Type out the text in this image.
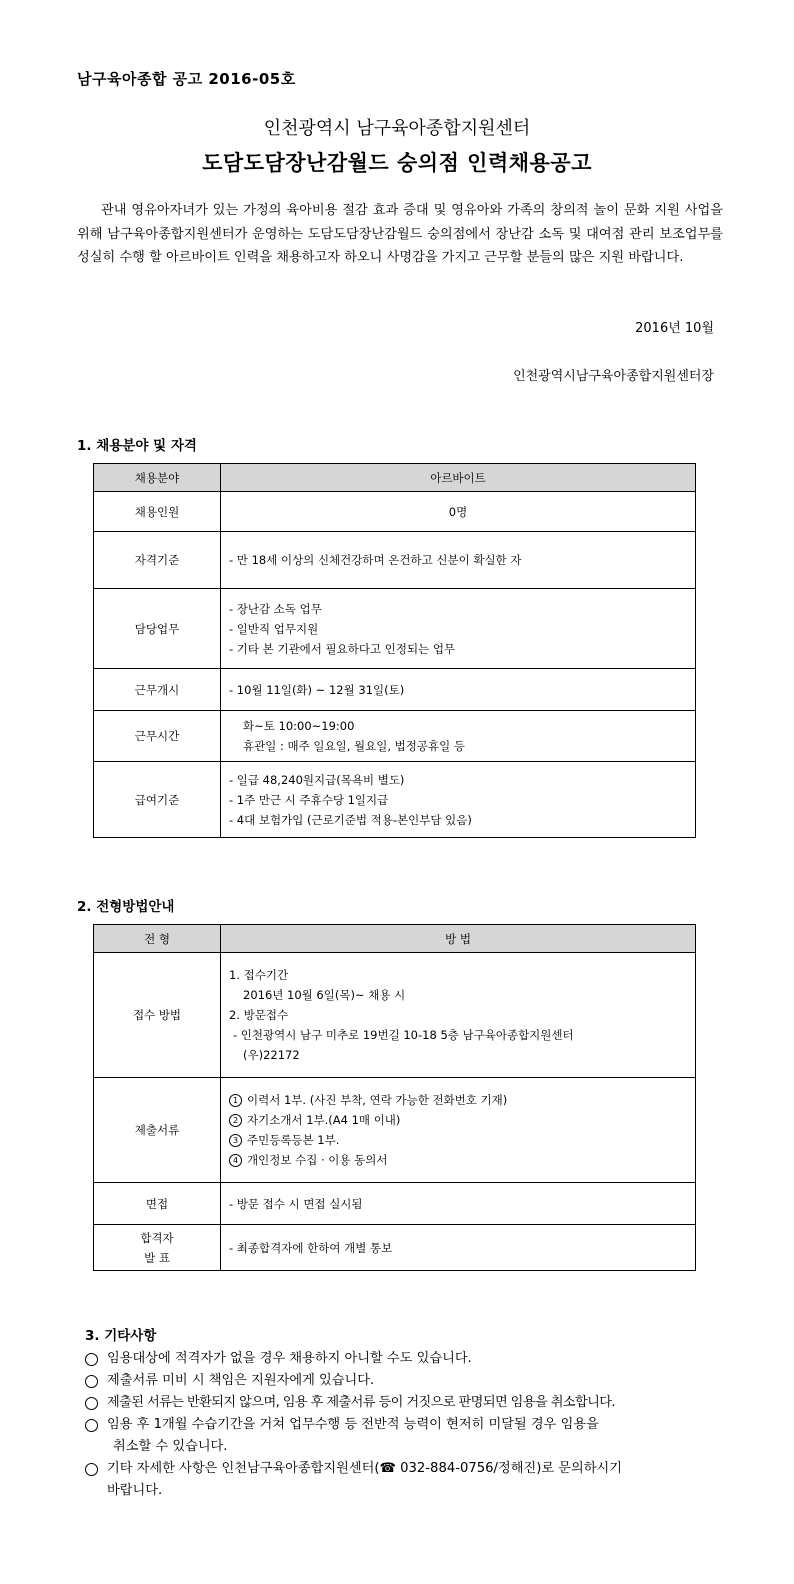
남구육아종합 공고 2016-05호
인천광역시 남구육아종합지원센터
도담도담장난감월드 숭의점 인력채용공고

관내 영유아자녀가 있는 가정의 육아비용 절감 효과 증대 및 영유아와 가족의 창의적 놀이 문화 지원 사업을 위해 남구육아종합지원센터가 운영하는 도담도담장난감월드 숭의점에서 장난감 소독 및 대여점 관리 보조업무를 성실히 수행 할 아르바이트 인력을 채용하고자 하오니 사명감을 가지고 근무할 분들의 많은 지원 바랍니다.

2016년 10월
인천광역시남구육아종합지원센터장
1. 채용분야 및 자격
채용분야	아르바이트
채용인원	0명
자격기준	- 만 18세 이상의 신체건강하며 온건하고 신분이 확실한 자

담당업무	- 장난감 소독 업무
- 일반직 업무지원
- 기타 본 기관에서 필요하다고 인정되는 업무

근무개시	- 10월 11일(화) ~ 12월 31일(토)

근무시간	화~토 10:00~19:00
휴관일 : 매주 일요일, 월요일, 법정공휴일 등

급여기준	- 일급 48,240원지급(목욕비 별도)
- 1주 만근 시 주휴수당 1일지급
- 4대 보험가입 (근로기준법 적용-본인부담 있음)
2. 전형방법안내
전 형	방 법
접수 방법	1. 접수기간
2016년 10월 6일(목)~ 채용 시
2. 방문접수
- 인천광역시 남구 미추로 19번길 10-18 5층 남구육아종합지원센터
(우)22172

제출서류	1 이력서 1부. (사진 부착, 연락 가능한 전화번호 기재)
2 자기소개서 1부.(A4 1매 이내)
3 주민등록등본 1부.
4 개인정보 수집 · 이용 동의서

면접	- 방문 접수 시 면접 실시됨

합격자
발 표	- 최종합격자에 한하여 개별 통보
3. 기타사항
임용대상에 적격자가 없을 경우 채용하지 아니할 수도 있습니다.
제출서류 미비 시 책임은 지원자에게 있습니다.
제출된 서류는 반환되지 않으며, 임용 후 제출서류 등이 거짓으로 판명되면 임용을 취소합니다.
임용 후 1개월 수습기간을 거쳐 업무수행 등 전반적 능력이 현저히 미달될 경우 임용을
취소할 수 있습니다.
기타 자세한 사항은 인천남구육아종합지원센터(☎ 032-884-0756/정해진)로 문의하시기
바랍니다.
